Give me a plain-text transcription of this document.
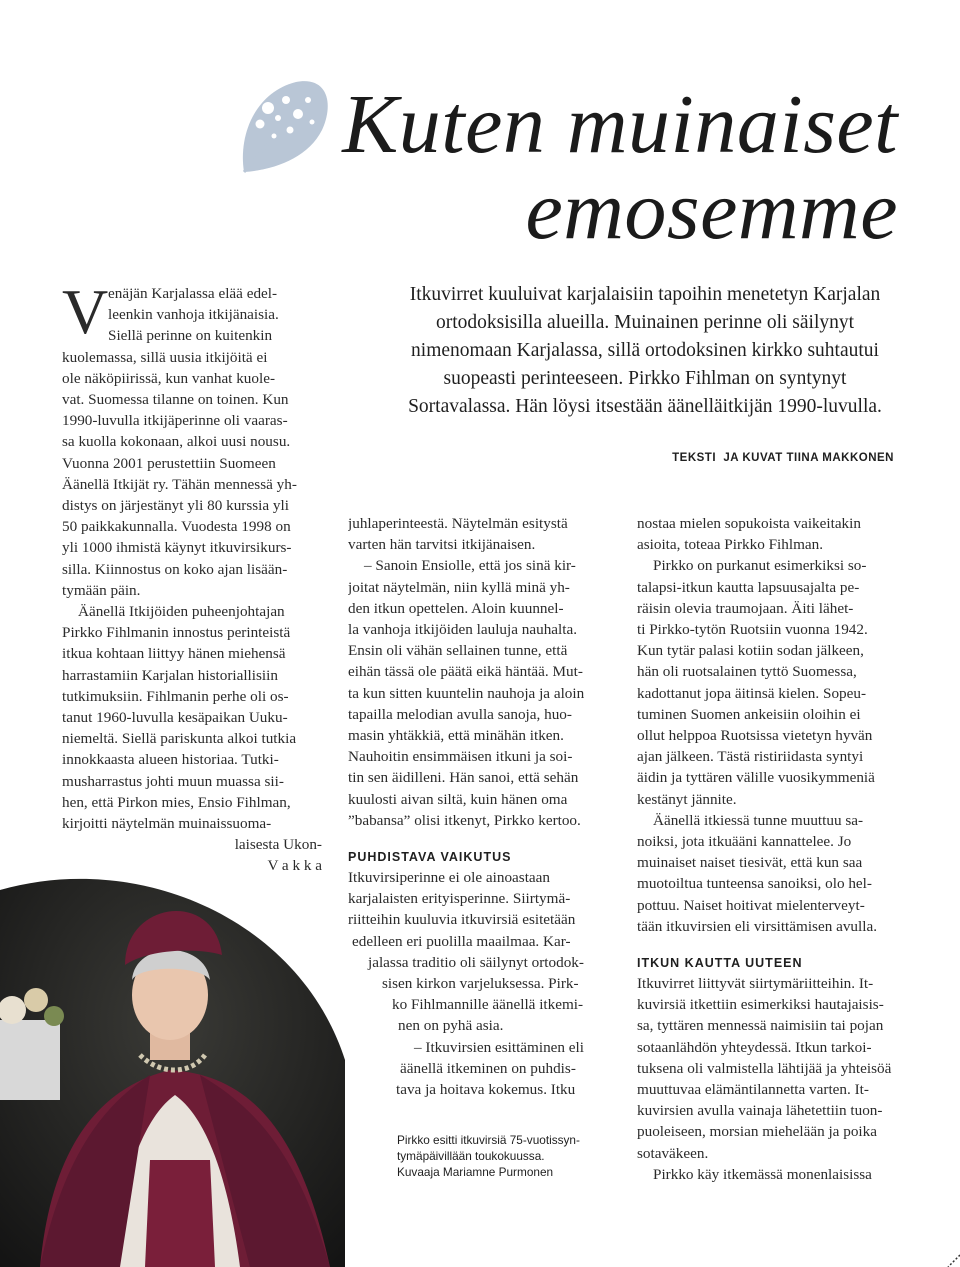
Kuten muinaiset
emosemme
Itkuvirret kuuluivat karjalaisiin tapoihin menetetyn Karjalan
ortodoksisilla alueilla. Muinainen perinne oli säilynyt
nimenomaan Karjalassa, sillä ortodoksinen kirkko suhtautui
suopeasti perinteeseen. Pirkko Fihlman on syntynyt
Sortavalassa. Hän löysi itsestään äänelläitkijän 1990-luvulla.
TEKSTI  JA KUVAT TIINA MAKKONEN
V enäjän Karjalassa elää edel-
leenkin vanhoja itkijänaisia.
Siellä perinne on kuitenkin
kuolemassa, sillä uusia itkijöitä ei
ole näköpiirissä, kun vanhat kuole-
vat. Suomessa tilanne on toinen. Kun
1990-luvulla itkijäperinne oli vaaras-
sa kuolla kokonaan, alkoi uusi nousu.
Vuonna 2001 perustettiin Suomeen
Äänellä Itkijät ry. Tähän mennessä yh-
distys on järjestänyt yli 80 kurssia yli
50 paikkakunnalla. Vuodesta 1998 on
yli 1000 ihmistä käynyt itkuvirsikurs-
silla. Kiinnostus on koko ajan lisään-
tymään päin.
Äänellä Itkijöiden puheenjohtajan
Pirkko Fihlmanin innostus perinteistä
itkua kohtaan liittyy hänen miehensä
harrastamiin Karjalan historiallisiin
tutkimuksiin. Fihlmanin perhe oli os-
tanut 1960-luvulla kesäpaikan Uuku-
niemeltä. Siellä pariskunta alkoi tutkia
innokkaasta alueen historiaa. Tutki-
musharrastus johti muun muassa sii-
hen, että Pirkon mies, Ensio Fihlman,
kirjoitti näytelmän muinaissuoma-
laisesta Ukon-
V a k k a
juhlaperinteestä. Näytelmän esitystä
varten hän tarvitsi itkijänaisen.
– Sanoin Ensiolle, että jos sinä kir-
joitat näytelmän, niin kyllä minä yh-
den itkun opettelen. Aloin kuunnel-
la vanhoja itkijöiden lauluja nauhalta.
Ensin oli vähän sellainen tunne, että
eihän tässä ole päätä eikä häntää. Mut-
ta kun sitten kuuntelin nauhoja ja aloin
tapailla melodian avulla sanoja, huo-
masin yhtäkkiä, että minähän itken.
Nauhoitin ensimmäisen itkuni ja soi-
tin sen äidilleni. Hän sanoi, että sehän
kuulosti aivan siltä, kuin hänen oma
”babansa” olisi itkenyt, Pirkko kertoo.
PUHDISTAVA VAIKUTUS
Itkuvirsiperinne ei ole ainoastaan
karjalaisten erityisperinne. Siirtymä-
riitteihin kuuluvia itkuvirsiä esitetään
edelleen eri puolilla maailmaa. Kar-
jalassa traditio oli säilynyt ortodok-
sisen kirkon varjeluksessa. Pirk-
ko Fihlmannille äänellä itkemi-
nen on pyhä asia.
– Itkuvirsien esittäminen eli
äänellä itkeminen on puhdis-
tava ja hoitava kokemus. Itku
Pirkko esitti itkuvirsiä 75-vuotissyn-
tymäpäivillään toukokuussa.
Kuvaaja Mariamne Purmonen
nostaa mielen sopukoista vaikeitakin
asioita, toteaa Pirkko Fihlman.
Pirkko on purkanut esimerkiksi so-
talapsi-itkun kautta lapsuusajalta pe-
räisin olevia traumojaan. Äiti lähet-
ti Pirkko-tytön Ruotsiin vuonna 1942.
Kun tytär palasi kotiin sodan jälkeen,
hän oli ruotsalainen tyttö Suomessa,
kadottanut jopa äitinsä kielen. Sopeu-
tuminen Suomen ankeisiin oloihin ei
ollut helppoa Ruotsissa vietetyn hyvän
ajan jälkeen. Tästä ristiriidasta syntyi
äidin ja tyttären välille vuosikymmeniä
kestänyt jännite.
Äänellä itkiessä tunne muuttuu sa-
noiksi, jota itkuääni kannattelee. Jo
muinaiset naiset tiesivät, että kun saa
muotoiltua tunteensa sanoiksi, olo hel-
pottuu. Naiset hoitivat mielenterveyt-
tään itkuvirsien eli virsittämisen avulla.
ITKUN KAUTTA UUTEEN
Itkuvirret liittyvät siirtymäriitteihin. It-
kuvirsiä itkettiin esimerkiksi hautajaisis-
sa, tyttären mennessä naimisiin tai pojan
sotaanlähdön yhteydessä. Itkun tarkoi-
tuksena oli valmistella lähtijää ja yhteisöä
muuttuvaa elämäntilannetta varten. It-
kuvirsien avulla vainaja lähetettiin tuon-
puoleiseen, morsian miehelään ja poika
sotaväkeen.
Pirkko käy itkemässä monenlaisissa
